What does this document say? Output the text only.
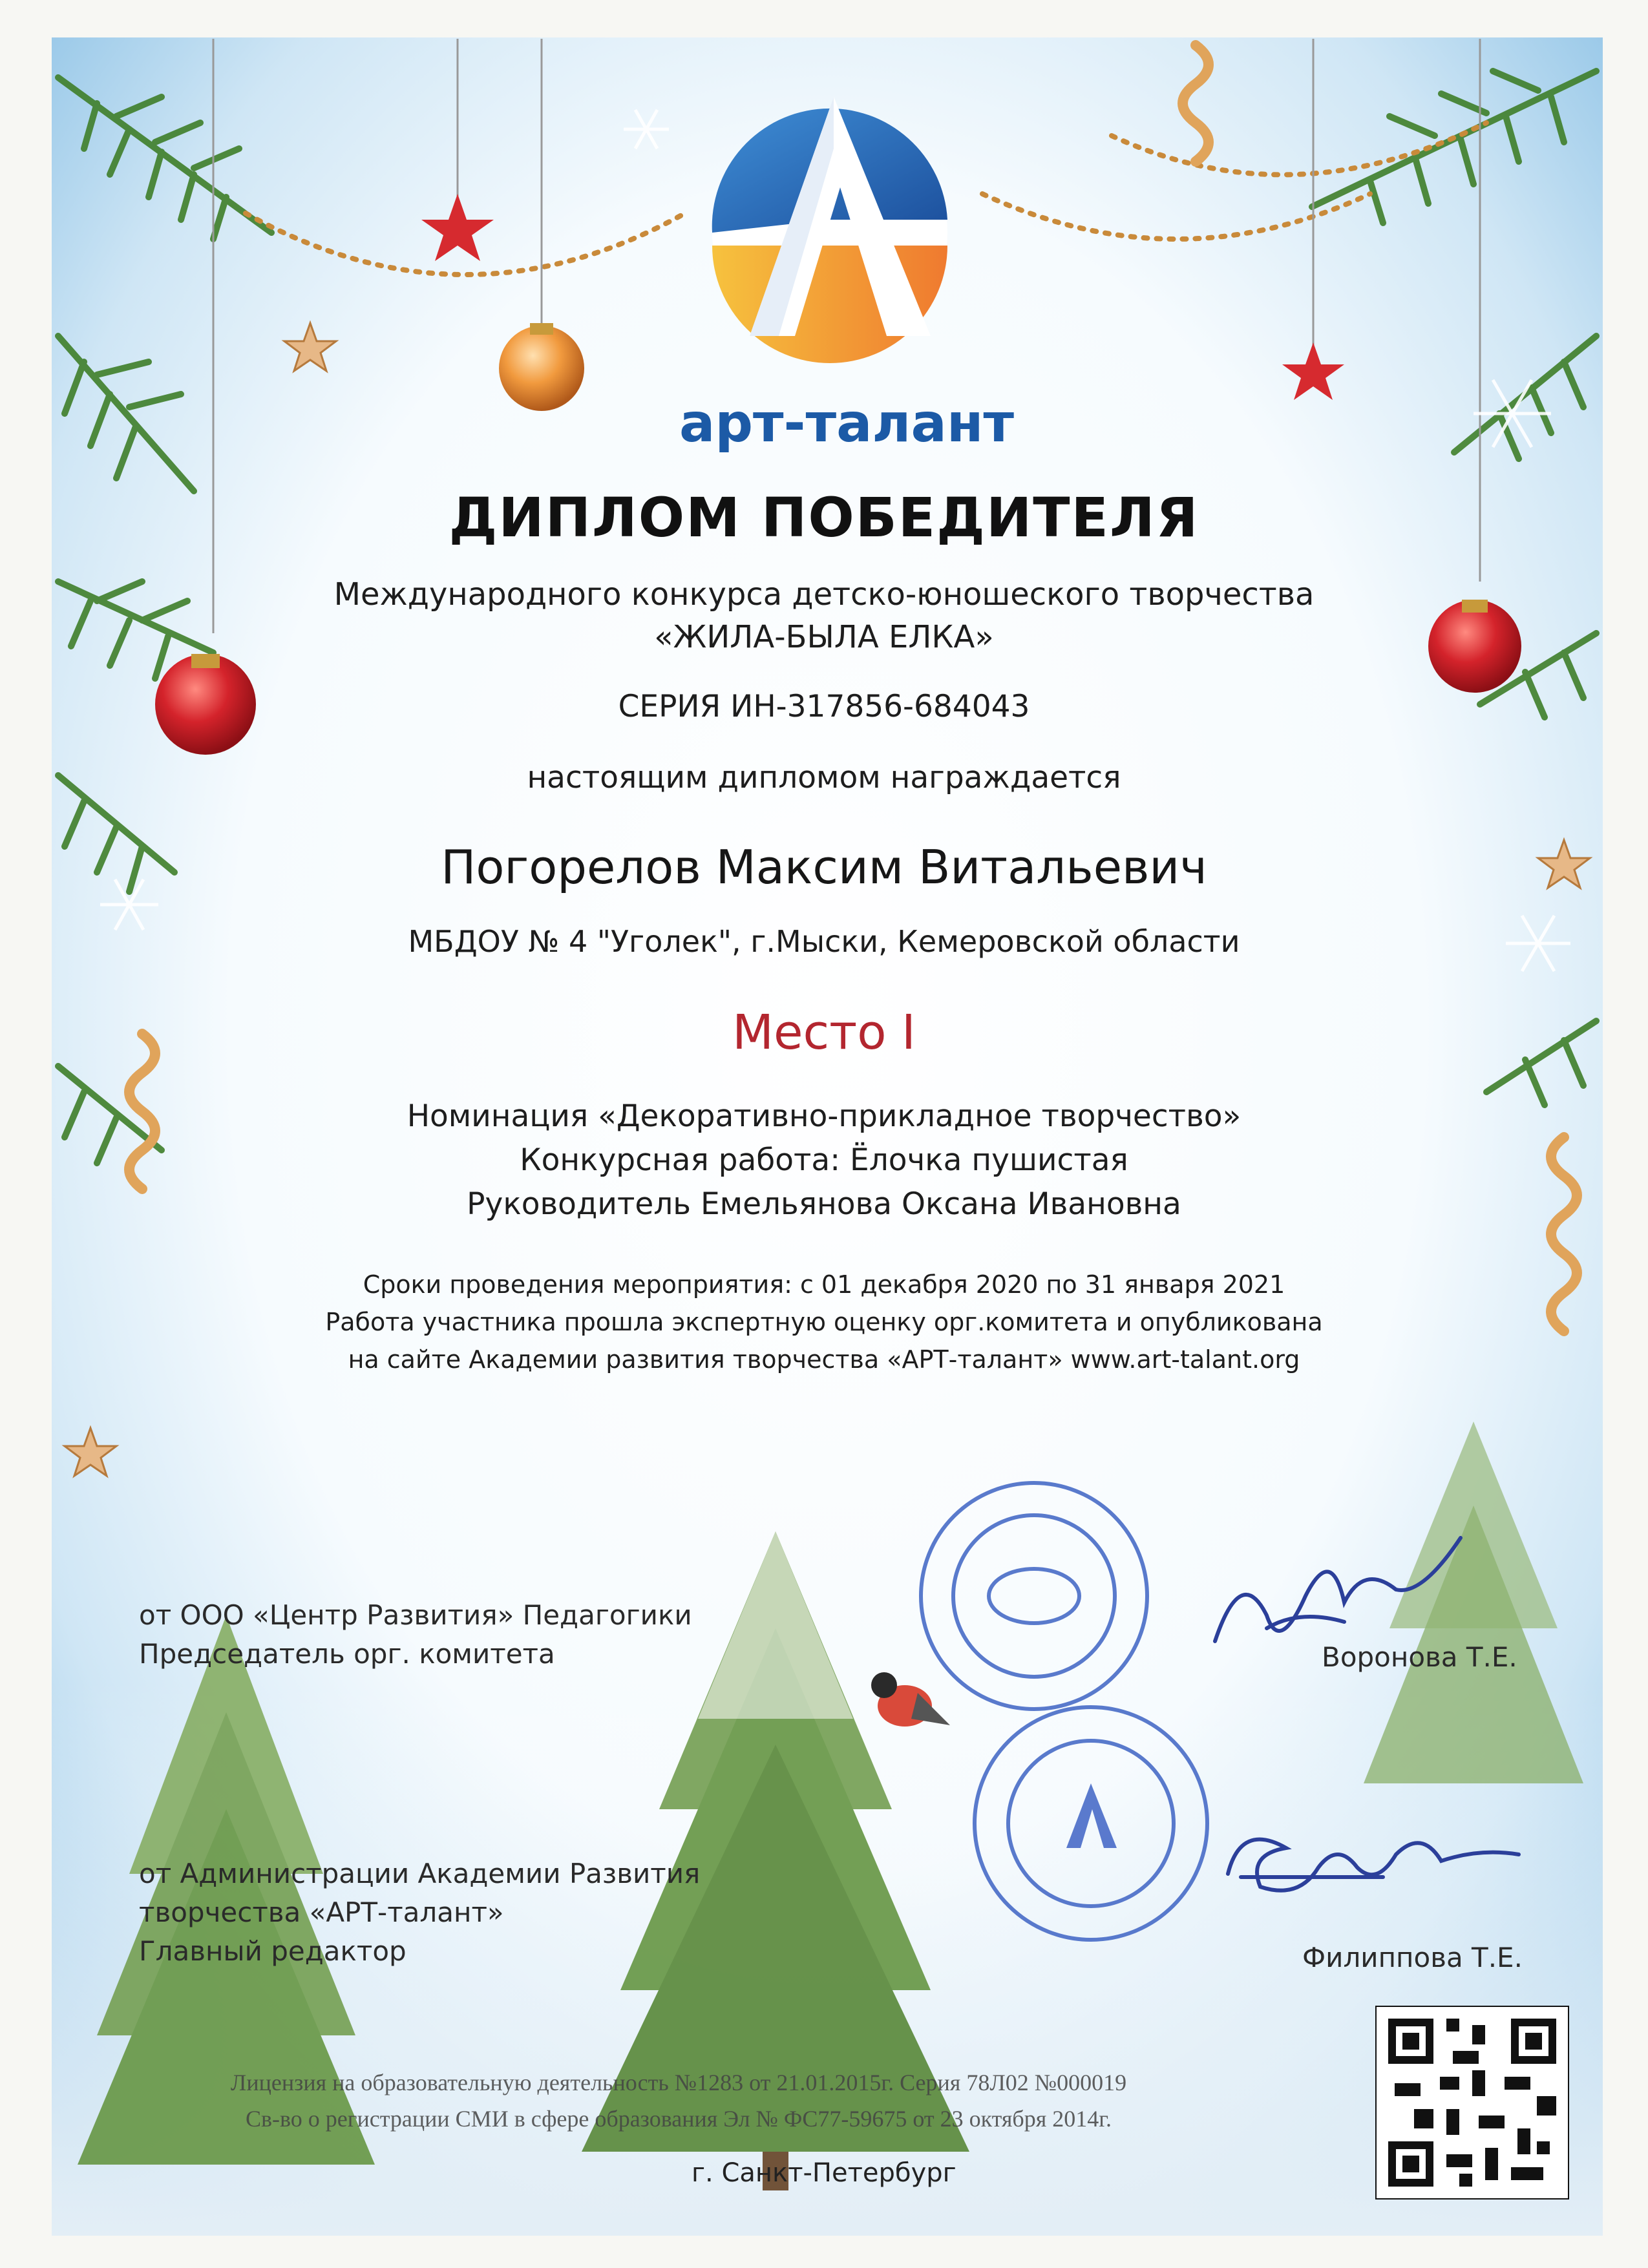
арт-талант
ДИПЛОМ ПОБЕДИТЕЛЯ
Международного конкурса детско-юношеского творчества
«ЖИЛА-БЫЛА ЕЛКА»
СЕРИЯ ИН-317856-684043
настоящим дипломом награждается
Погорелов Максим Витальевич
МБДОУ № 4 "Уголек", г.Мыски, Кемеровской области
Место I
Номинация «Декоративно-прикладное творчество»
Конкурсная работа: Ёлочка пушистая
Руководитель Емельянова Оксана Ивановна
Сроки проведения мероприятия: с 01 декабря 2020 по 31 января 2021
Работа участника прошла экспертную оценку орг.комитета и опубликована
на сайте Академии развития творчества «АРТ-талант» www.art-talant.org
от ООО «Центр Развития» Педагогики
Председатель орг. комитета	Воронова Т.Е.
от Администрации Академии Развития
творчества «АРТ-талант»
Главный редактор	Филиппова Т.Е.
Лицензия на образовательную деятельность №1283 от 21.01.2015г. Серия 78Л02 №000019
Св-во о регистрации СМИ в сфере образования Эл № ФС77-59675 от 23 октября 2014г.
г. Санкт-Петербург
